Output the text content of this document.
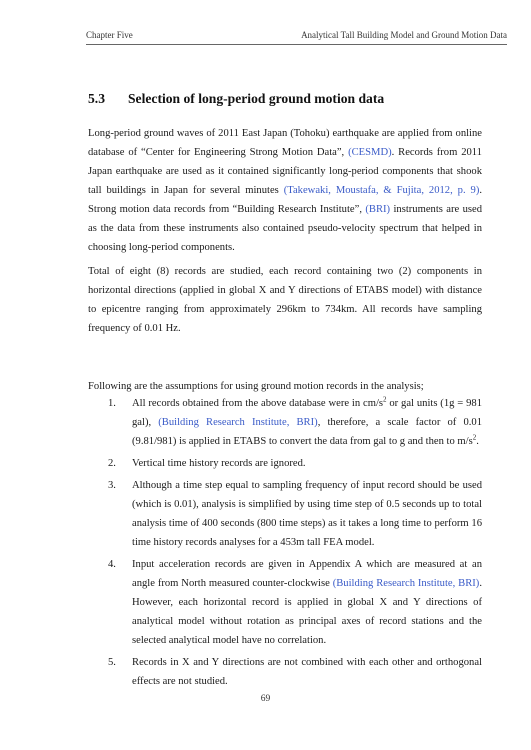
Chapter Five	Analytical Tall Building Model and Ground Motion Data
5.3 Selection of long-period ground motion data

Long-period ground waves of 2011 East Japan (Tohoku) earthquake are applied from online database of “Center for Engineering Strong Motion Data”, (CESMD). Records from 2011 Japan earthquake are used as it contained significantly long-period components that shook tall buildings in Japan for several minutes (Takewaki, Moustafa, & Fujita, 2012, p. 9). Strong motion data records from “Building Research Institute”, (BRI) instruments are used as the data from these instruments also contained pseudo-velocity spectrum that helped in choosing long-period components.

Total of eight (8) records are studied, each record containing two (2) components in horizontal directions (applied in global X and Y directions of ETABS model) with distance to epicentre ranging from approximately 296km to 734km. All records have sampling frequency of 0.01 Hz.

Following are the assumptions for using ground motion records in the analysis;

1. All records obtained from the above database were in $cm/s^2$ or gal units (1g = 981 gal), (Building Research Institute, BRI), therefore, a scale factor of 0.01 (9.81/981) is applied in ETABS to convert the data from gal to g and then to $m/s^2$.
2. Vertical time history records are ignored.
3. Although a time step equal to sampling frequency of input record should be used (which is 0.01), analysis is simplified by using time step of 0.5 seconds up to total analysis time of 400 seconds (800 time steps) as it takes a long time to perform 16 time history records analyses for a 453m tall FEA model.
4. Input acceleration records are given in Appendix A which are measured at an angle from North measured counter-clockwise (Building Research Institute, BRI). However, each horizontal record is applied in global X and Y directions of analytical model without rotation as principal axes of record stations and the selected analytical model have no correlation.
5. Records in X and Y directions are not combined with each other and orthogonal effects are not studied.
69
